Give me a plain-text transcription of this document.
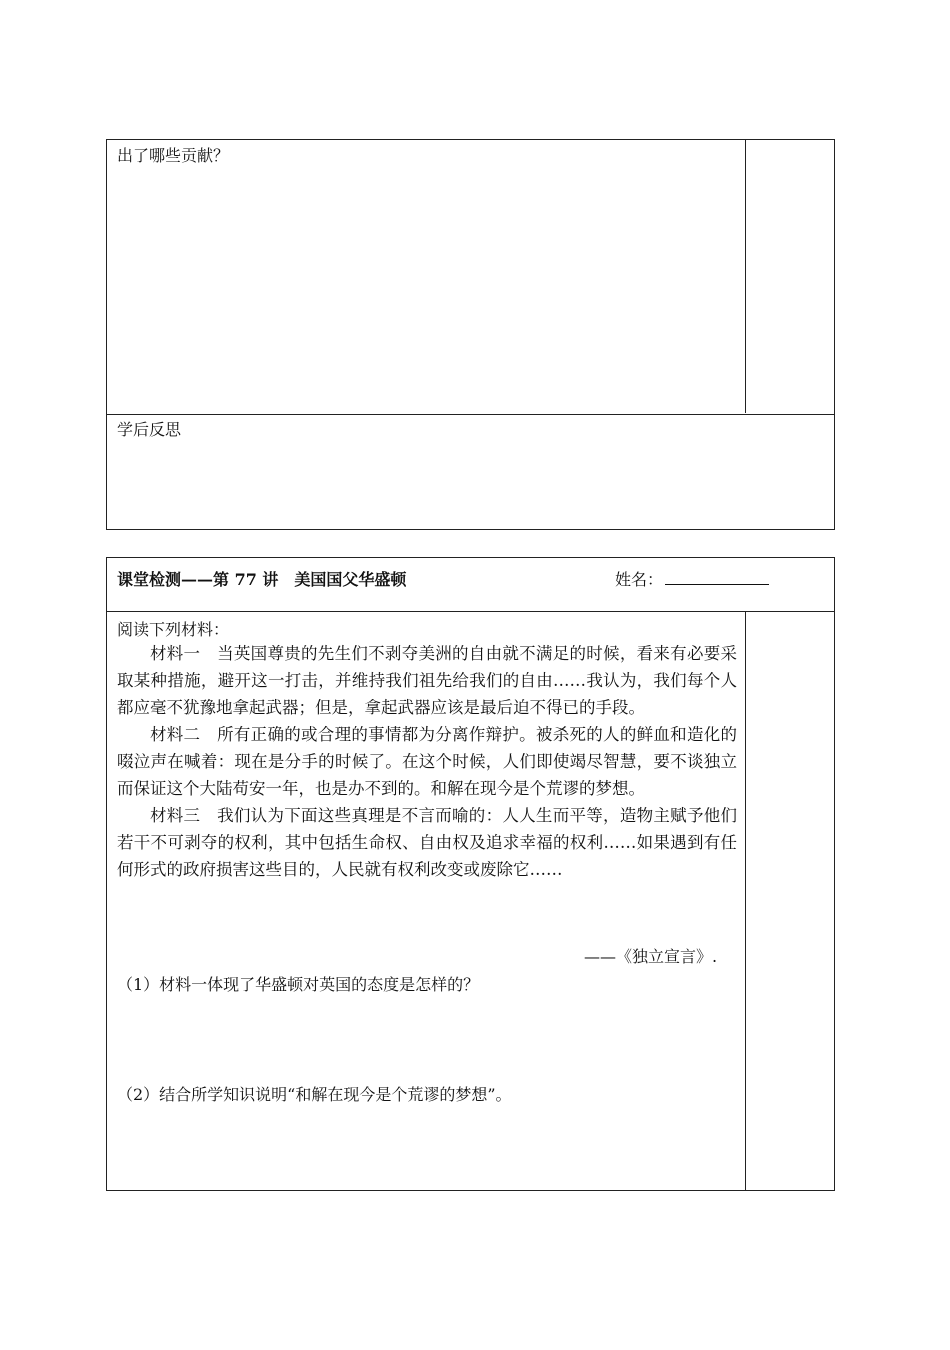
出了哪些贡献？
学后反思
课堂检测——第 77 讲　美国国父华盛顿	姓名：
阅读下列材料：

材料一　当英国尊贵的先生们不剥夺美洲的自由就不满足的时候，看来有必要采取某种措施，避开这一打击，并维持我们祖先给我们的自由……我认为，我们每个人都应毫不犹豫地拿起武器；但是，拿起武器应该是最后迫不得已的手段。

材料二　所有正确的或合理的事情都为分离作辩护。被杀死的人的鲜血和造化的啜泣声在喊着：现在是分手的时候了。在这个时候，人们即使竭尽智慧，要不谈独立而保证这个大陆苟安一年，也是办不到的。和解在现今是个荒谬的梦想。

材料三　我们认为下面这些真理是不言而喻的：人人生而平等，造物主赋予他们若干不可剥夺的权利，其中包括生命权、自由权及追求幸福的权利……如果遇到有任何形式的政府损害这些目的，人民就有权利改变或废除它……

——《独立宣言》.
（1）材料一体现了华盛顿对英国的态度是怎样的？
（2）结合所学知识说明“和解在现今是个荒谬的梦想”。
